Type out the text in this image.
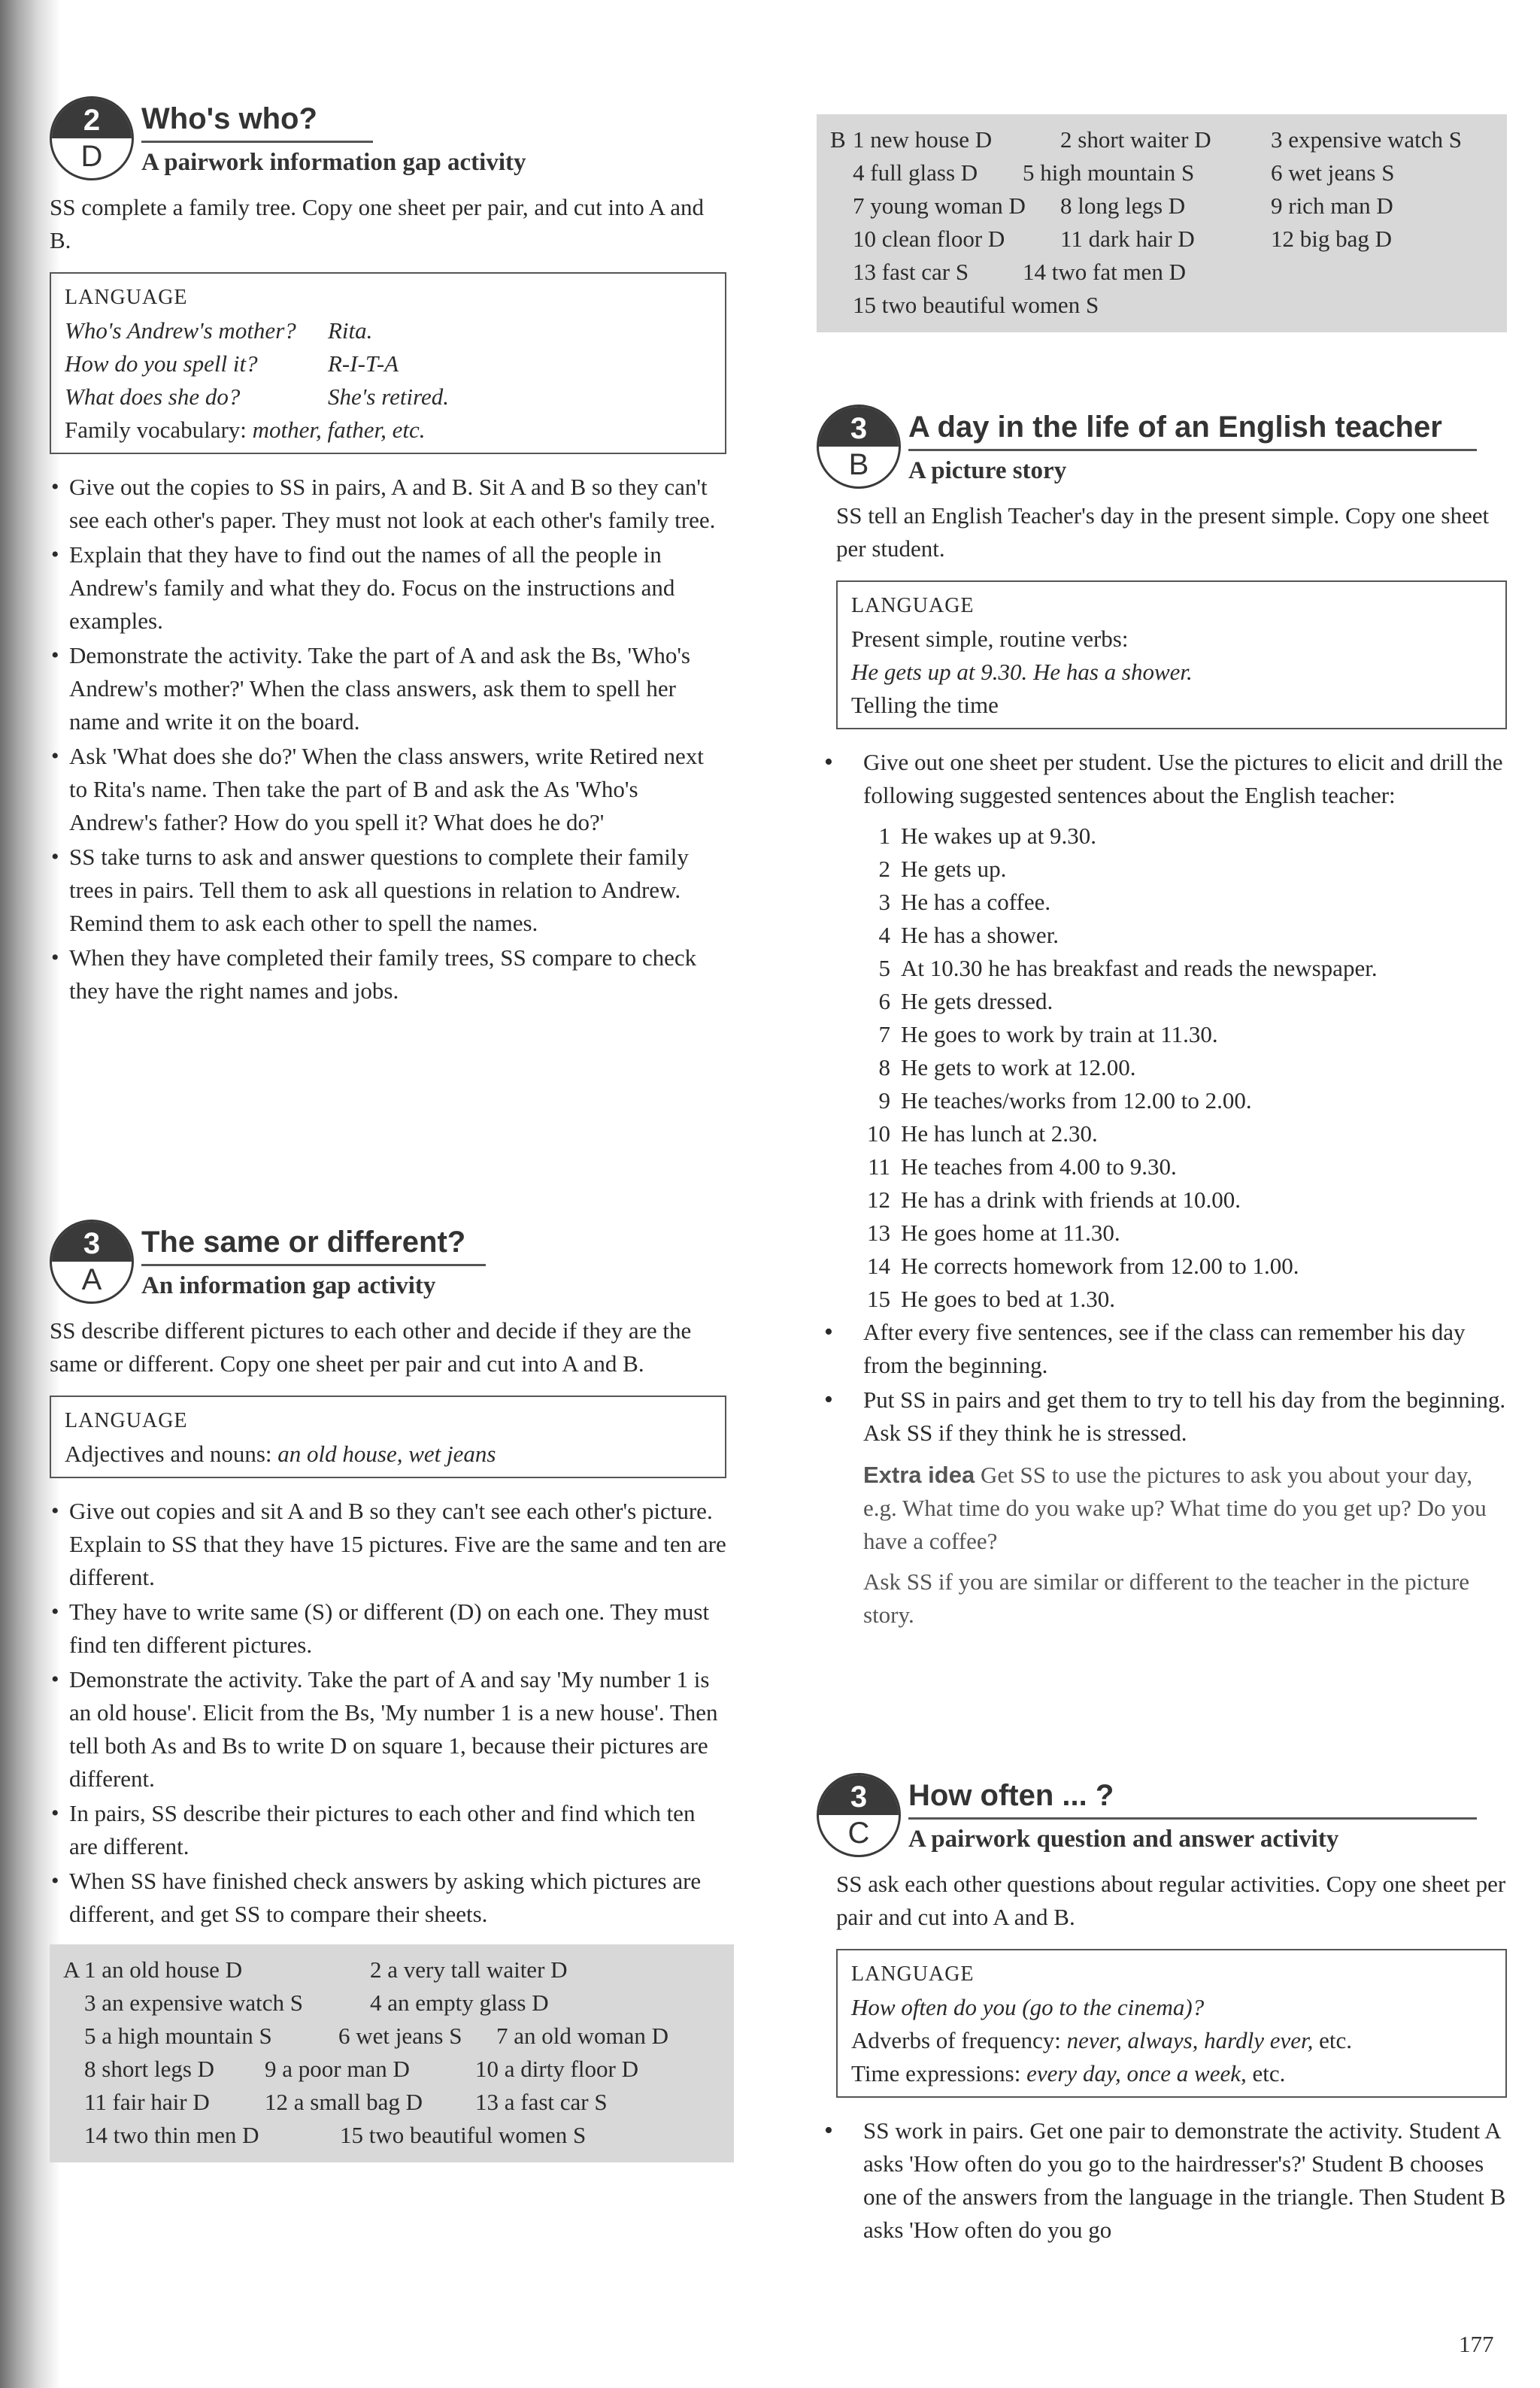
2
D
Who's who?
A pairwork information gap activity

SS complete a family tree. Copy one sheet per pair, and cut into A and B.

LANGUAGE
Who's Andrew's mother?	Rita.
How do you spell it?	R-I-T-A
What does she do?	She's retired.
Family vocabulary: mother, father, etc.
• Give out the copies to SS in pairs, A and B. Sit A and B so they can't see each other's paper. They must not look at each other's family tree.
• Explain that they have to find out the names of all the people in Andrew's family and what they do. Focus on the instructions and examples.
• Demonstrate the activity. Take the part of A and ask the Bs, 'Who's Andrew's mother?' When the class answers, ask them to spell her name and write it on the board.
• Ask 'What does she do?' When the class answers, write Retired next to Rita's name. Then take the part of B and ask the As 'Who's Andrew's father? How do you spell it? What does he do?'
• SS take turns to ask and answer questions to complete their family trees in pairs. Tell them to ask all questions in relation to Andrew. Remind them to ask each other to spell the names.
• When they have completed their family trees, SS compare to check they have the right names and jobs.
3
A
The same or different?
An information gap activity

SS describe different pictures to each other and decide if they are the same or different. Copy one sheet per pair and cut into A and B.

LANGUAGE
Adjectives and nouns: an old house, wet jeans
• Give out copies and sit A and B so they can't see each other's picture. Explain to SS that they have 15 pictures. Five are the same and ten are different.
• They have to write same (S) or different (D) on each one. They must find ten different pictures.
• Demonstrate the activity. Take the part of A and say 'My number 1 is an old house'. Elicit from the Bs, 'My number 1 is a new house'. Then tell both As and Bs to write D on square 1, because their pictures are different.
• In pairs, SS describe their pictures to each other and find which ten are different.
• When SS have finished check answers by asking which pictures are different, and get SS to compare their sheets.
A 1 an old house D	2 a very tall waiter D
3 an expensive watch S	4 an empty glass D
5 a high mountain S	6 wet jeans S 7 an old woman D
8 short legs D 9 a poor man D	10 a dirty floor D
11 fair hair D 12 a small bag D 13 a fast car S
14 two thin men D	15 two beautiful women S
B 1 new house D	2 short waiter D	3 expensive watch S
4 full glass D 5 high mountain S	6 wet jeans S
7 young woman D 8 long legs D	9 rich man D
10 clean floor D 11 dark hair D	12 big bag D
13 fast car S 14 two fat men D
15 two beautiful women S
3
B
A day in the life of an English teacher
A picture story

SS tell an English Teacher's day in the present simple. Copy one sheet per student.

LANGUAGE
Present simple, routine verbs:
He gets up at 9.30. He has a shower.
Telling the time
• Give out one sheet per student. Use the pictures to elicit and drill the following suggested sentences about the English teacher:
1 He wakes up at 9.30.
2 He gets up.
3 He has a coffee.
4 He has a shower.
5 At 10.30 he has breakfast and reads the newspaper.
6 He gets dressed.
7 He goes to work by train at 11.30.
8 He gets to work at 12.00.
9 He teaches/works from 12.00 to 2.00.
10 He has lunch at 2.30.
11 He teaches from 4.00 to 9.30.
12 He has a drink with friends at 10.00.
13 He goes home at 11.30.
14 He corrects homework from 12.00 to 1.00.
15 He goes to bed at 1.30.
• After every five sentences, see if the class can remember his day from the beginning.
• Put SS in pairs and get them to try to tell his day from the beginning. Ask SS if they think he is stressed.

Extra idea Get SS to use the pictures to ask you about your day, e.g. What time do you wake up? What time do you get up? Do you have a coffee?

Ask SS if you are similar or different to the teacher in the picture story.

3
C
How often ... ?
A pairwork question and answer activity

SS ask each other questions about regular activities. Copy one sheet per pair and cut into A and B.

LANGUAGE
How often do you (go to the cinema)?
Adverbs of frequency: never, always, hardly ever, etc.
Time expressions: every day, once a week, etc.
• SS work in pairs. Get one pair to demonstrate the activity. Student A asks 'How often do you go to the hairdresser's?' Student B chooses one of the answers from the language in the triangle. Then Student B asks 'How often do you go
177
